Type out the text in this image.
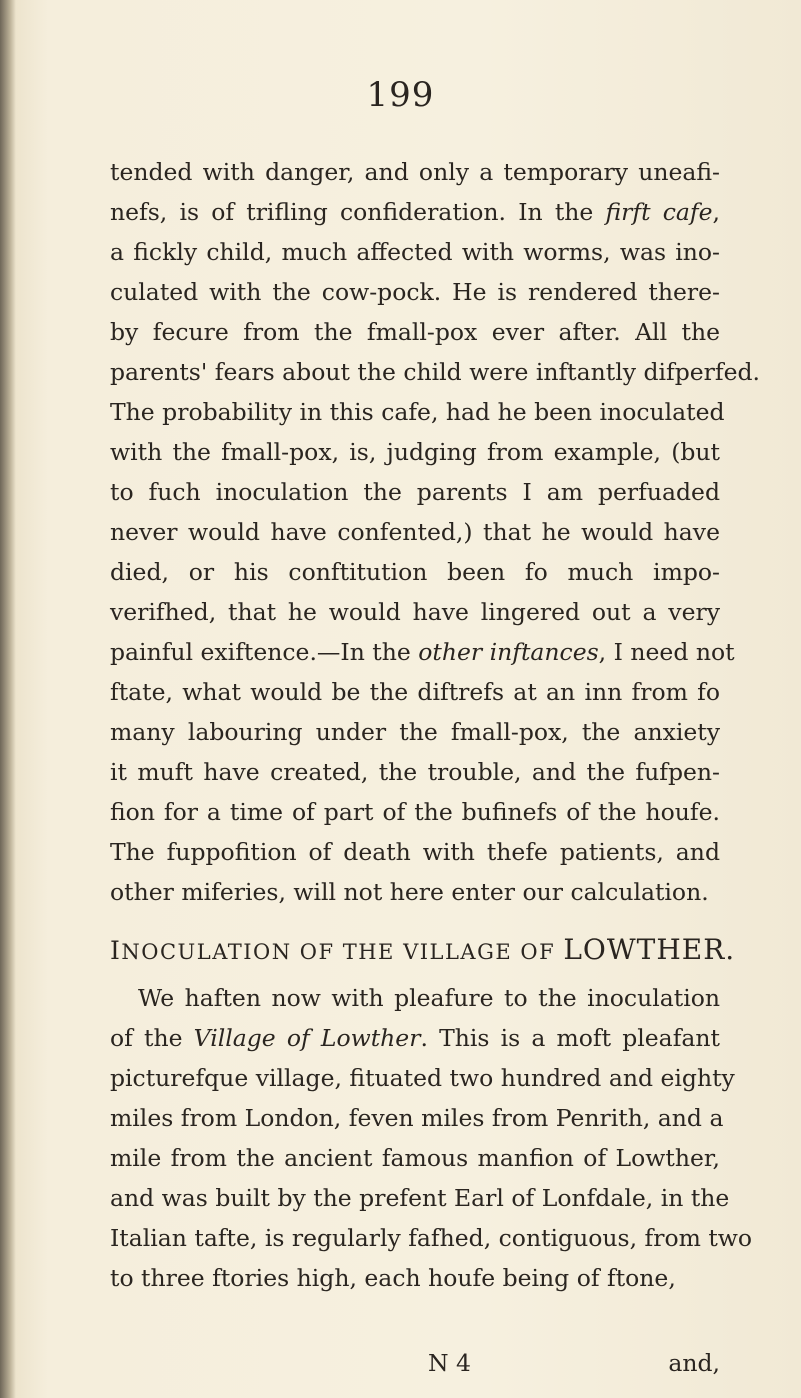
199
tended with danger, and only a temporary uneafi-
nefs, is of trifling confideration. In the firft cafe,
a fickly child, much affected with worms, was ino-
culated with the cow-pock. He is rendered there-
by fecure from the fmall-pox ever after. All the
parents' fears about the child were inftantly difperfed.
The probability in this cafe, had he been inoculated
with the fmall-pox, is, judging from example, (but
to fuch inoculation the parents I am perfuaded
never would have confented,) that he would have
died, or his conftitution been fo much impo-
verifhed, that he would have lingered out a very
painful exiftence.—In the other inftances, I need not
ftate, what would be the diftrefs at an inn from fo
many labouring under the fmall-pox, the anxiety
it muft have created, the trouble, and the fufpen-
fion for a time of part of the bufinefs of the houfe.
The fuppofition of death with thefe patients, and
other miferies, will not here enter our calculation.
INOCULATION OF THE VILLAGE OF LOWTHER.
We haften now with pleafure to the inoculation
of the Village of Lowther. This is a moft pleafant
picturefque village, fituated two hundred and eighty
miles from London, feven miles from Penrith, and a
mile from the ancient famous manfion of Lowther,
and was built by the prefent Earl of Lonfdale, in the
Italian tafte, is regularly fafhed, contiguous, from two
to three ftories high, each houfe being of ftone,
N 4	and,
